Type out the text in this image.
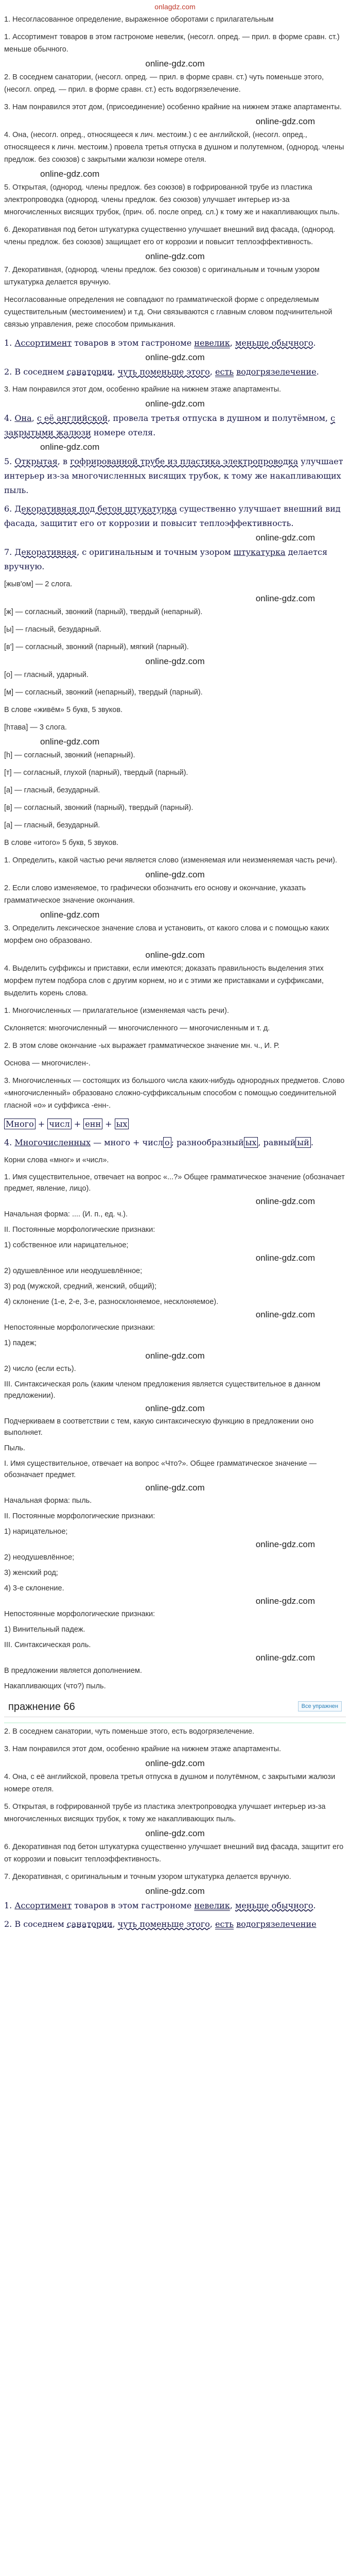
onlаgdz.com

1. Несогласованное определение, выраженное оборотами с прилагательным

1. Ассортимент товаров в этом гастрономе невелик, (несогл. опред. — прил. в форме сравн. ст.) меньше обычного.

online-gdz.com

2. В соседнем санатории, (несогл. опред. — прил. в форме сравн. ст.) чуть поменьше этого, (несогл. опред. — прил. в форме сравн. ст.) есть водогрязелечение.

3. Нам понравился этот дом, (присоединение) особенно крайние на нижнем этаже апартаменты.

online-gdz.com

4. Она, (несогл. опред., относящееся к лич. местоим.) с ее английской, (несогл. опред., относящееся к личн. местоим.) провела третья отпуска в душном и полутемном, (однород. члены предлож. без союзов) с закрытыми жалюзи номере отеля.

online-gdz.com

5. Открытая, (однород. члены предлож. без союзов) в гофрированной трубе из пластика электропроводка (однород. члены предлож. без союзов) улучшает интерьер из-за многочисленных висящих трубок, (прич. об. после опред. сл.) к тому же и накапливающих пыль.

6. Декоративная под бетон штукатурка существенно улучшает внешний вид фасада, (однород. члены предлож. без союзов) защищает его от коррозии и повысит теплоэффективность.

online-gdz.com

7. Декоративная, (однород. члены предлож. без союзов) с оригинальным и точным узором штукатурка делается вручную.

Несогласованные определения не совпадают по грамматической форме с определяемым существительным (местоимением) и т.д. Они связываются с главным словом подчинительной связью управления, реже способом примыкания.

1. Ассортимент товаров в этом гастрономе невелик, меньше обычного.

online-gdz.com

2. В соседнем санатории, чуть поменьше этого, есть водогрязелечение.

3. Нам понравился этот дом, особенно крайние на нижнем этаже апартаменты.

online-gdz.com

4. Она, с её английской, провела третья отпуска в душном и полутёмном, с закрытыми жалюзи номере отеля.

online-gdz.com

5. Открытая, в гофрированной трубе из пластика электропроводка улучшает интерьер из-за многочисленных висящих трубок, к тому же накапливающих пыль.

6. Декоративная под бетон штукатурка существенно улучшает внешний вид фасада, защитит его от коррозии и повысит теплоэффективность.

online-gdz.com

7. Декоративная, с оригинальным и точным узором штукатурка делается вручную.

[жыв'ом] — 2 слога.

online-gdz.com

[ж] — согласный, звонкий (парный), твердый (непарный).

[ы] — гласный, безударный.

[в'] — согласный, звонкий (парный), мягкий (парный).

online-gdz.com

[о] — гласный, ударный.

[м] — согласный, звонкий (непарный), твердый (парный).

В слове «живём» 5 букв, 5 звуков.

[hтава] — 3 слога.

online-gdz.com

[h] — согласный, звонкий (непарный).

[т] — согласный, глухой (парный), твердый (парный).

[а] — гласный, безударный.

[в] — согласный, звонкий (парный), твердый (парный).

[а] — гласный, безударный.

В слове «итого» 5 букв, 5 звуков.

1. Определить, какой частью речи является слово (изменяемая или неизменяемая часть речи).

online-gdz.com

2. Если слово изменяемое, то графически обозначить его основу и окончание, указать грамматическое значение окончания.

online-gdz.com

3. Определить лексическое значение слова и установить, от какого слова и с помощью каких морфем оно образовано.

online-gdz.com

4. Выделить суффиксы и приставки, если имеются; доказать правильность выделения этих морфем путем подбора слов с другим корнем, но и с этими же приставками и суффиксами, выделить корень слова.

1. Многочисленных — прилагательное (изменяемая часть речи).

Склоняется: многочисленный — многочисленного — многочисленным и т. д.

2. В этом слове окончание -ых выражает грамматическое значение мн. ч., И. Р.

Основа — многочислен-.

3. Многочисленных — состоящих из большого числа каких-нибудь однородных предметов. Слово «многочисленный» образовано сложно-суффиксальным способом с помощью соединительной гласной «о» и суффикса -енн-.

Много + числ + енн + ых

4. Многочисленных — много + числ о ; разнообразный ых , равный ый .

Корни слова «мног» и «числ».

1. Имя существительное, отвечает на вопрос «...?» Общее грамматическое значение (обозначает предмет, явление, лицо).

online-gdz.com

Начальная форма: .... (И. п., ед. ч.).

II. Постоянные морфологические признаки:

1) собственное или нарицательное;

online-gdz.com

2) одушевлённое или неодушевлённое;

3) род (мужской, средний, женский, общий);

4) склонение (1-е, 2-е, 3-е, разносклоняемое, несклоняемое).

online-gdz.com

Непостоянные морфологические признаки:

1) падеж;

online-gdz.com

2) число (если есть).

III. Синтаксическая роль (каким членом предложения является существительное в данном предложении).

online-gdz.com

Подчеркиваем в соответствии с тем, какую синтаксическую функцию в предложении оно выполняет.

Пыль.

I. Имя существительное, отвечает на вопрос «Что?». Общее грамматическое значение — обозначает предмет.

online-gdz.com

Начальная форма: пыль.

II. Постоянные морфологические признаки:

1) нарицательное;

online-gdz.com

2) неодушевлённое;

3) женский род;

4) 3-е склонение.

online-gdz.com

Непостоянные морфологические признаки:

1) Винительный падеж.

III. Синтаксическая роль.

online-gdz.com

В предложении является дополнением.

Накапливающих (что?) пыль.

пражнение 66	Все упражнен

2. В соседнем санатории, чуть поменьше этого, есть водогрязелечение.

3. Нам понравился этот дом, особенно крайние на нижнем этаже апартаменты.

online-gdz.com

4. Она, с её английской, провела третья отпуска в душном и полутёмном, с закрытыми жалюзи номере отеля.

5. Открытая, в гофрированной трубе из пластика электропроводка улучшает интерьер из-за многочисленных висящих трубок, к тому же накапливающих пыль.

online-gdz.com

6. Декоративная под бетон штукатурка существенно улучшает внешний вид фасада, защитит его от коррозии и повысит теплоэффективность.

7. Декоративная, с оригинальным и точным узором штукатурка делается вручную.

online-gdz.com

1. Ассортимент товаров в этом гастрономе невелик, меньше обычного.

2. В соседнем санатории, чуть поменьше этого, есть водогрязелечение
